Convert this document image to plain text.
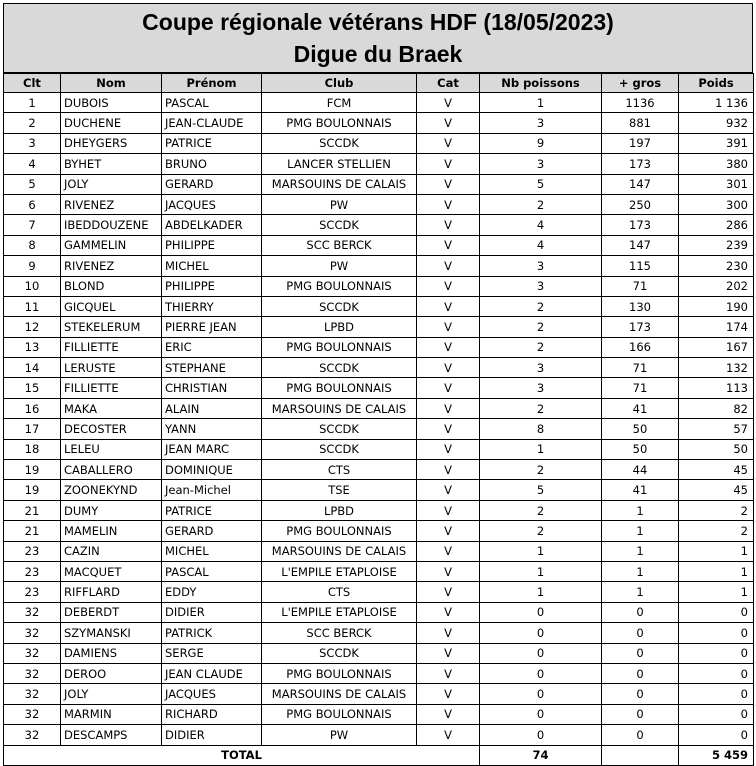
Coupe régionale vétérans HDF (18/05/2023)
Digue du Braek
Clt	Nom	Prénom	Club	Cat	Nb poissons	+ gros	Poids
1	DUBOIS	PASCAL	FCM	V	1	1136	1 136
2	DUCHENE	JEAN-CLAUDE	PMG BOULONNAIS	V	3	881	932
3	DHEYGERS	PATRICE	SCCDK	V	9	197	391
4	BYHET	BRUNO	LANCER STELLIEN	V	3	173	380
5	JOLY	GERARD	MARSOUINS DE CALAIS	V	5	147	301
6	RIVENEZ	JACQUES	PW	V	2	250	300
7	IBEDDOUZENE	ABDELKADER	SCCDK	V	4	173	286
8	GAMMELIN	PHILIPPE	SCC BERCK	V	4	147	239
9	RIVENEZ	MICHEL	PW	V	3	115	230
10	BLOND	PHILIPPE	PMG BOULONNAIS	V	3	71	202
11	GICQUEL	THIERRY	SCCDK	V	2	130	190
12	STEKELERUM	PIERRE JEAN	LPBD	V	2	173	174
13	FILLIETTE	ERIC	PMG BOULONNAIS	V	2	166	167
14	LERUSTE	STEPHANE	SCCDK	V	3	71	132
15	FILLIETTE	CHRISTIAN	PMG BOULONNAIS	V	3	71	113
16	MAKA	ALAIN	MARSOUINS DE CALAIS	V	2	41	82
17	DECOSTER	YANN	SCCDK	V	8	50	57
18	LELEU	JEAN MARC	SCCDK	V	1	50	50
19	CABALLERO	DOMINIQUE	CTS	V	2	44	45
19	ZOONEKYND	Jean-Michel	TSE	V	5	41	45
21	DUMY	PATRICE	LPBD	V	2	1	2
21	MAMELIN	GERARD	PMG BOULONNAIS	V	2	1	2
23	CAZIN	MICHEL	MARSOUINS DE CALAIS	V	1	1	1
23	MACQUET	PASCAL	L'EMPILE ETAPLOISE	V	1	1	1
23	RIFFLARD	EDDY	CTS	V	1	1	1
32	DEBERDT	DIDIER	L'EMPILE ETAPLOISE	V	0	0	0
32	SZYMANSKI	PATRICK	SCC BERCK	V	0	0	0
32	DAMIENS	SERGE	SCCDK	V	0	0	0
32	DEROO	JEAN CLAUDE	PMG BOULONNAIS	V	0	0	0
32	JOLY	JACQUES	MARSOUINS DE CALAIS	V	0	0	0
32	MARMIN	RICHARD	PMG BOULONNAIS	V	0	0	0
32	DESCAMPS	DIDIER	PW	V	0	0	0
TOTAL					74		5 459
